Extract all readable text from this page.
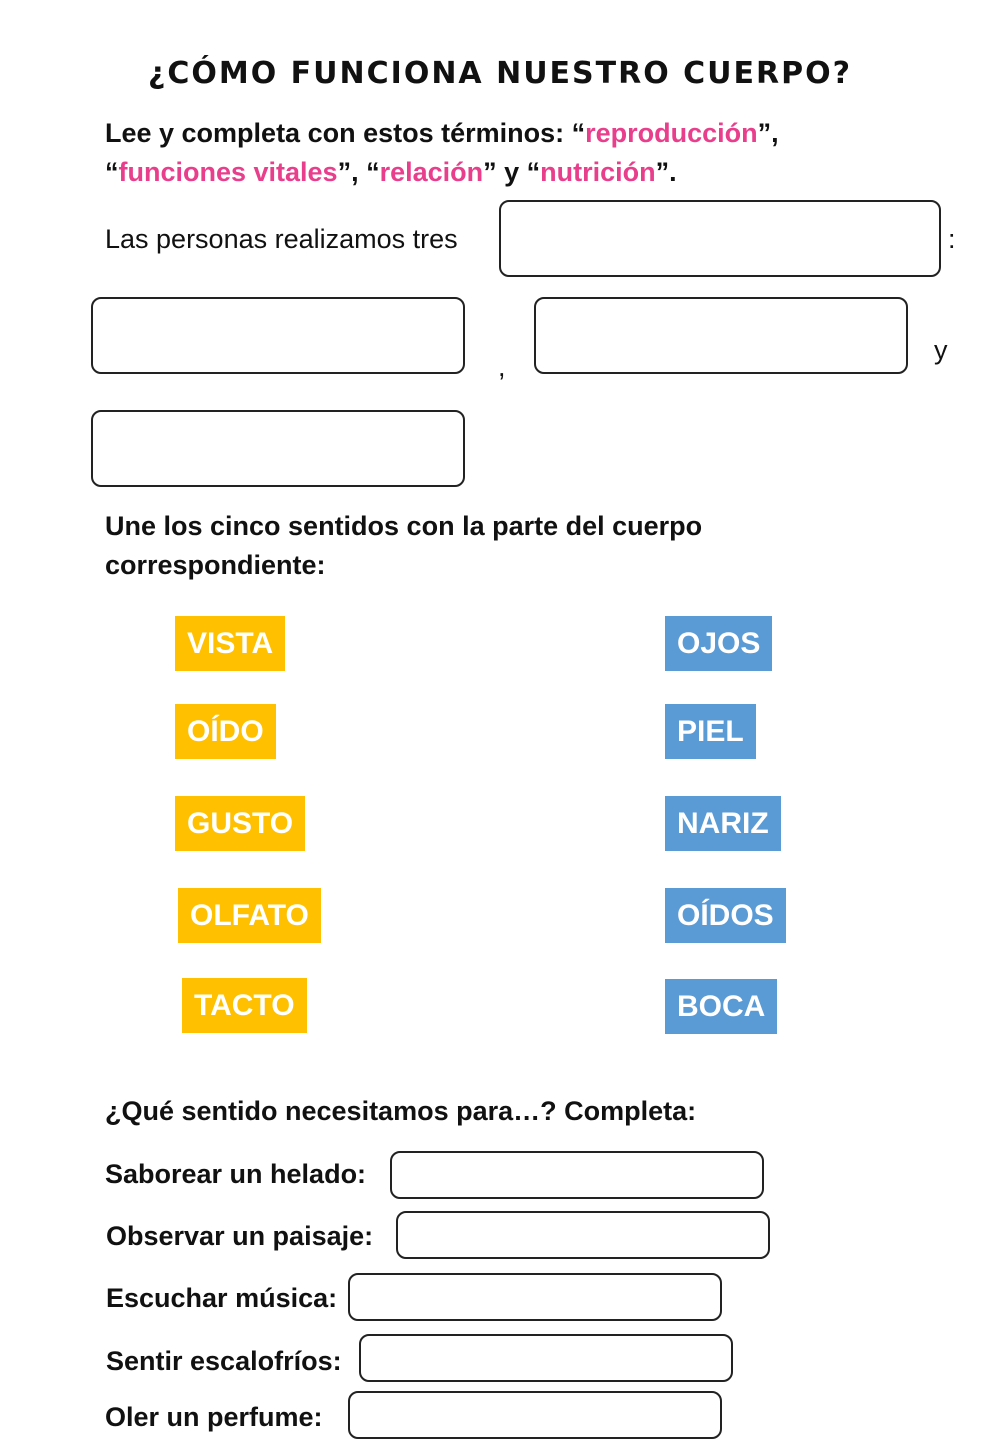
¿CÓMO FUNCIONA NUESTRO CUERPO?
Lee y completa con estos términos: “reproducción”,
“funciones vitales”, “relación” y “nutrición”.
Las personas realizamos tres	:
,
y
Une los cinco sentidos con la parte del cuerpo correspondiente:
VISTA
OÍDO
GUSTO
OLFATO
TACTO
OJOS
PIEL
NARIZ
OÍDOS
BOCA
¿Qué sentido necesitamos para…? Completa:
Saborear un helado:
Observar un paisaje:
Escuchar música:
Sentir escalofríos:
Oler un perfume:
